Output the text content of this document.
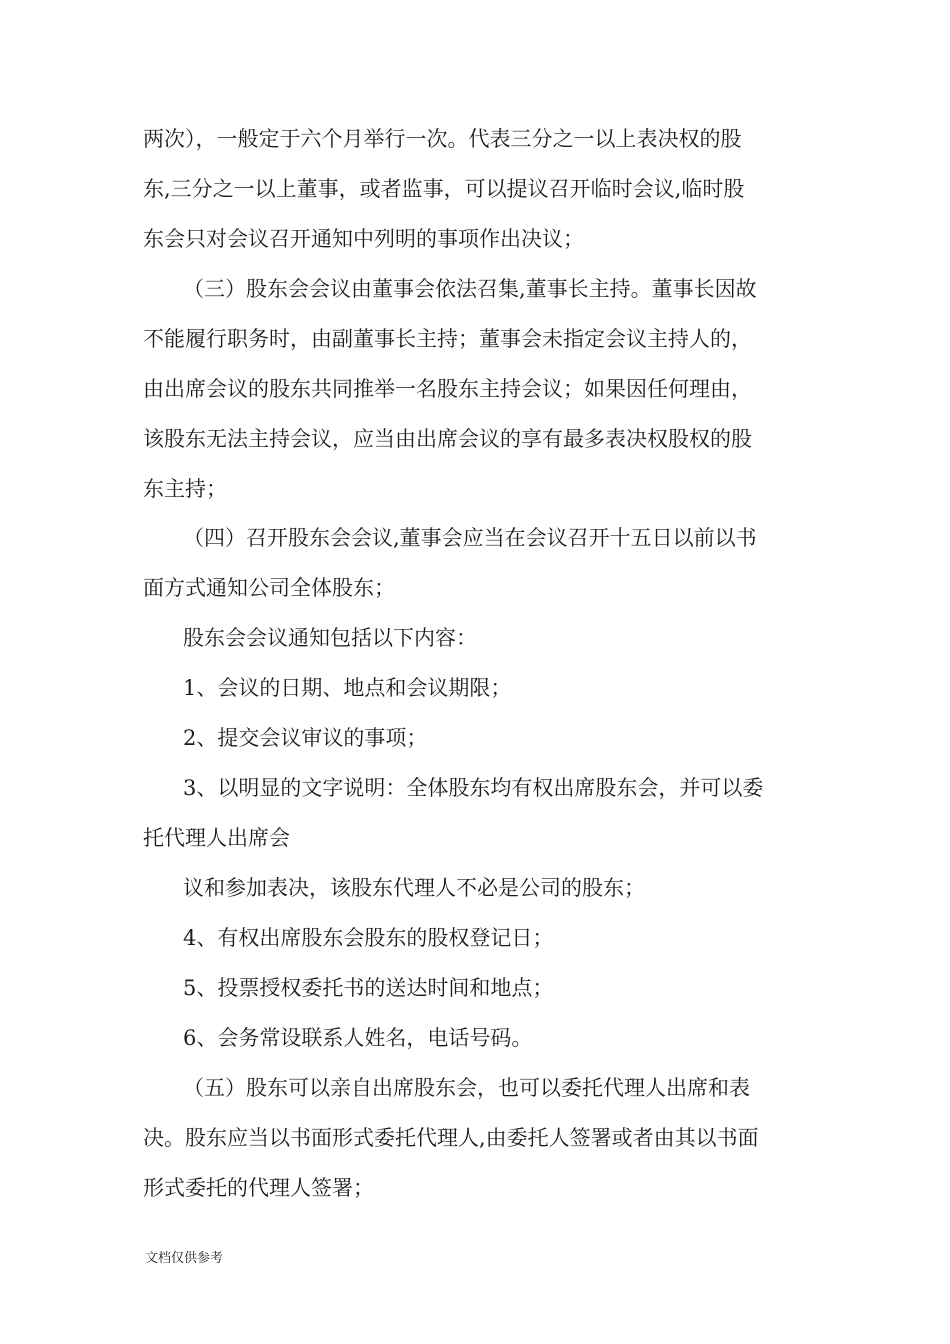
两次），一般定于六个月举行一次。代表三分之一以上表决权的股

东,三分之一以上董事，或者监事，可以提议召开临时会议,临时股

东会只对会议召开通知中列明的事项作出决议；

（三）股东会会议由董事会依法召集,董事长主持。董事长因故

不能履行职务时，由副董事长主持；董事会未指定会议主持人的，

由出席会议的股东共同推举一名股东主持会议；如果因任何理由，

该股东无法主持会议，应当由出席会议的享有最多表决权股权的股

东主持；

（四）召开股东会会议,董事会应当在会议召开十五日以前以书

面方式通知公司全体股东；

股东会会议通知包括以下内容：

1、会议的日期、地点和会议期限；

2、提交会议审议的事项；

3、以明显的文字说明：全体股东均有权出席股东会，并可以委

托代理人出席会

议和参加表决，该股东代理人不必是公司的股东；

4、有权出席股东会股东的股权登记日；

5、投票授权委托书的送达时间和地点；

6、会务常设联系人姓名，电话号码。

（五）股东可以亲自出席股东会，也可以委托代理人出席和表

决。股东应当以书面形式委托代理人,由委托人签署或者由其以书面

形式委托的代理人签署；

文档仅供参考
